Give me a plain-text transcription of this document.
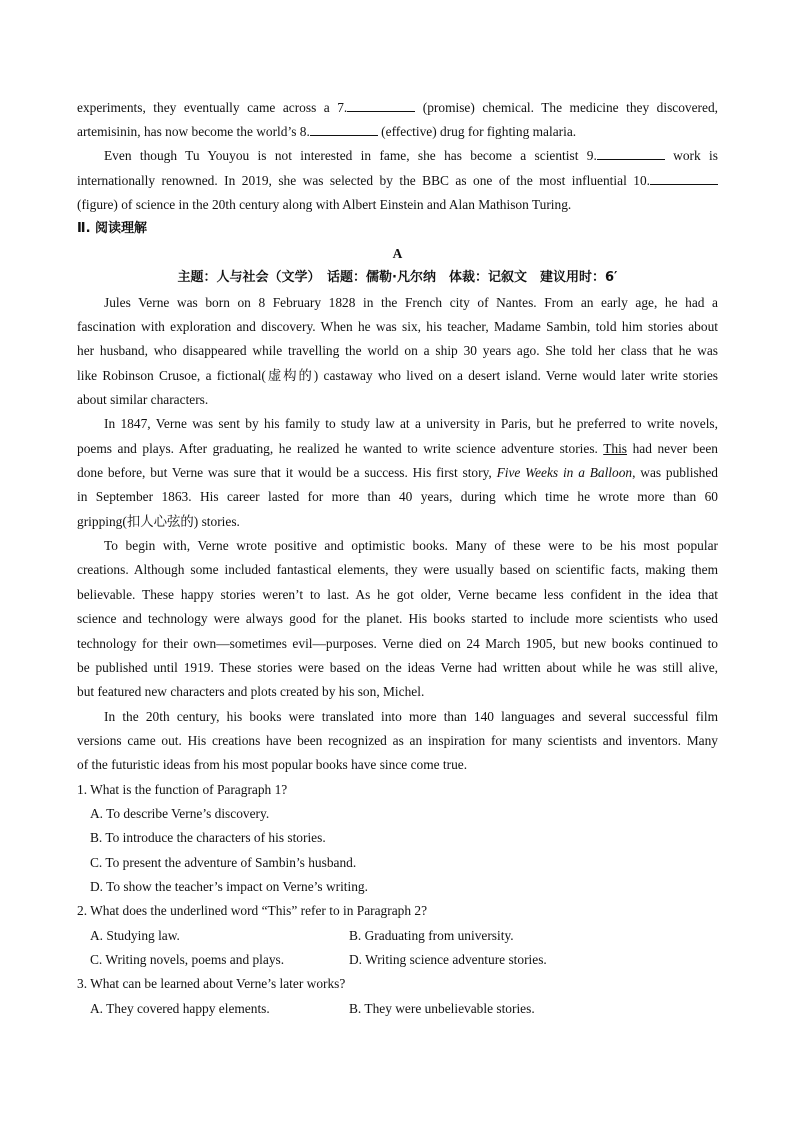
experiments, they eventually came across a 7.	(promise) chemical. The medicine they discovered,
artemisinin, has now become the world’s 8.	(effective) drug for fighting malaria.
Even though Tu Youyou is not interested in fame, she has become a scientist 9.	work is
internationally renowned. In 2019, she was selected by the BBC as one of the most influential 10.
(figure) of science in the 20th century along with Albert Einstein and Alan Mathison Turing.
Ⅱ. 阅读理解
A
主题：人与社会（文学）　话题：儒勒·凡尔纳　体裁：记叙文　建议用时：6′
Jules Verne was born on 8 February 1828 in the French city of Nantes. From an early age, he had a
fascination with exploration and discovery. When he was six, his teacher, Madame Sambin, told him stories about
her husband, who disappeared while travelling the world on a ship 30 years ago. She told her class that he was
like Robinson Crusoe, a fictional(虚构的) castaway who lived on a desert island. Verne would later write stories
about similar characters.
In 1847, Verne was sent by his family to study law at a university in Paris, but he preferred to write novels,
poems and plays. After graduating, he realized he wanted to write science adventure stories. This had never been
done before, but Verne was sure that it would be a success. His first story, Five Weeks in a Balloon, was published
in September 1863. His career lasted for more than 40 years, during which time he wrote more than 60
gripping(扣人心弦的) stories.
To begin with, Verne wrote positive and optimistic books. Many of these were to be his most popular
creations. Although some included fantastical elements, they were usually based on scientific facts, making them
believable. These happy stories weren’t to last. As he got older, Verne became less confident in the idea that
science and technology were always good for the planet. His books started to include more scientists who used
technology for their own—sometimes evil—purposes. Verne died on 24 March 1905, but new books continued to
be published until 1919. These stories were based on the ideas Verne had written about while he was still alive,
but featured new characters and plots created by his son, Michel.
In the 20th century, his books were translated into more than 140 languages and several successful film
versions came out. His creations have been recognized as an inspiration for many scientists and inventors. Many
of the futuristic ideas from his most popular books have since come true.
1. What is the function of Paragraph 1?
A. To describe Verne’s discovery.
B. To introduce the characters of his stories.
C. To present the adventure of Sambin’s husband.
D. To show the teacher’s impact on Verne’s writing.
2. What does the underlined word “This” refer to in Paragraph 2?
A. Studying law.	B. Graduating from university.
C. Writing novels, poems and plays.	D. Writing science adventure stories.
3. What can be learned about Verne’s later works?
A. They covered happy elements.	B. They were unbelievable stories.
